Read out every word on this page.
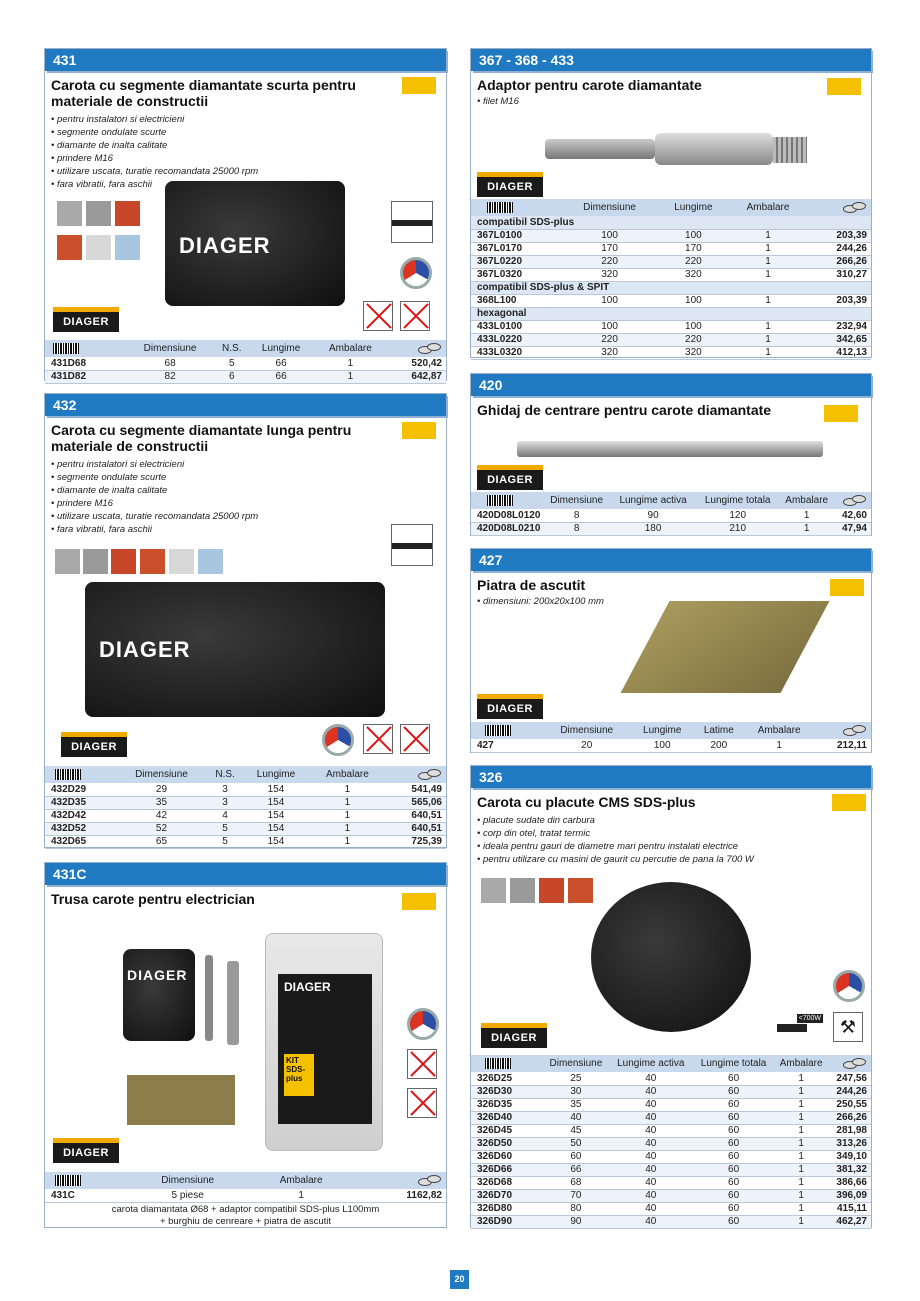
431
Carota cu segmente diamantate scurta pentru materiale de constructii
• pentru instalatori si electricieni
• segmente ondulate scurte
• diamante de inalta calitate
• prindere M16
• utilizare uscata, turatie recomandata 25000 rpm
• fara vibratii, fara aschii
DIAGER
DIAGER
	Dimensiune	N.S.	Lungime	Ambalare	
431D68	68	5	66	1	520,42
431D82	82	6	66	1	642,87
432
Carota cu segmente diamantate lunga pentru materiale de constructii
• pentru instalatori si electricieni
• segmente ondulate scurte
• diamante de inalta calitate
• prindere M16
• utilizare uscata, turatie recomandata 25000 rpm
• fara vibratii, fara aschii
DIAGER
DIAGER
	Dimensiune	N.S.	Lungime	Ambalare	
432D29	29	3	154	1	541,49
432D35	35	3	154	1	565,06
432D42	42	4	154	1	640,51
432D52	52	5	154	1	640,51
432D65	65	5	154	1	725,39
431C
Trusa carote pentru electrician
DIAGER
DIAGER
KIT SDS-plus
DIAGER
	Dimensiune	Ambalare	
431C	5 piese	1	1162,82
carota diamantata Ø68 + adaptor compatibil SDS-plus L100mm
+ burghiu de cenreare + piatra de ascutit
367 - 368 - 433
Adaptor pentru carote diamantate
• filet M16
DIAGER
	Dimensiune	Lungime	Ambalare	
compatibil SDS-plus				
367L0100	100	100	1	203,39
367L0170	170	170	1	244,26
367L0220	220	220	1	266,26
367L0320	320	320	1	310,27
compatibil SDS-plus & SPIT				
368L100	100	100	1	203,39
hexagonal				
433L0100	100	100	1	232,94
433L0220	220	220	1	342,65
433L0320	320	320	1	412,13
420
Ghidaj de centrare pentru carote diamantate
DIAGER
	Dimensiune	Lungime activa	Lungime totala	Ambalare	
420D08L0120	8	90	120	1	42,60
420D08L0210	8	180	210	1	47,94
427
Piatra de ascutit
• dimensiuni: 200x20x100 mm
DIAGER
	Dimensiune	Lungime	Latime	Ambalare	
427	20	100	200	1	212,11
326
Carota cu placute CMS SDS-plus
• placute sudate din carbura
• corp din otel, tratat termic
• ideala pentru gauri de diametre mari pentru instalati electrice
• pentru utilizare cu masini de gaurit cu percutie de pana la 700 W
<700W	⚒
DIAGER
	Dimensiune	Lungime activa	Lungime totala	Ambalare	
326D25	25	40	60	1	247,56
326D30	30	40	60	1	244,26
326D35	35	40	60	1	250,55
326D40	40	40	60	1	266,26
326D45	45	40	60	1	281,98
326D50	50	40	60	1	313,26
326D60	60	40	60	1	349,10
326D66	66	40	60	1	381,32
326D68	68	40	60	1	386,66
326D70	70	40	60	1	396,09
326D80	80	40	60	1	415,11
326D90	90	40	60	1	462,27
20
